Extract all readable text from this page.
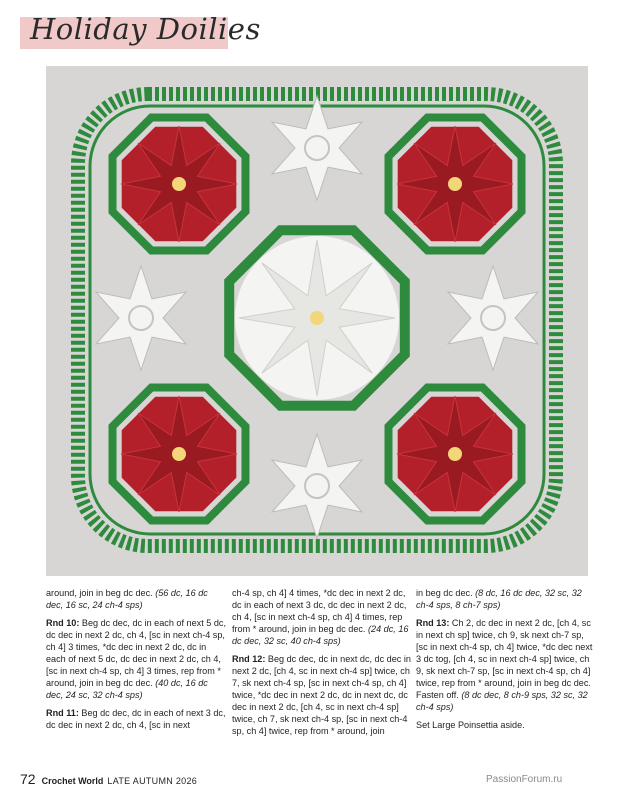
Holiday Doilies

around, join in beg dc dec. (56 dc, 16 dc dec, 16 sc, 24 ch-4 sps)

Rnd 10: Beg dc dec, dc in each of next 5 dc, dc dec in next 2 dc, ch 4, [sc in next ch-4 sp, ch 4] 3 times, *dc dec in next 2 dc, dc in each of next 5 dc, dc dec in next 2 dc, ch 4, [sc in next ch-4 sp, ch 4] 3 times, rep from * around, join in beg dc dec. (40 dc, 16 dc dec, 24 sc, 32 ch-4 sps)

Rnd 11: Beg dc dec, dc in each of next 3 dc, dc dec in next 2 dc, ch 4, [sc in next

ch-4 sp, ch 4] 4 times, *dc dec in next 2 dc, dc in each of next 3 dc, dc dec in next 2 dc, ch 4, [sc in next ch-4 sp, ch 4] 4 times, rep from * around, join in beg dc dec. (24 dc, 16 dc dec, 32 sc, 40 ch-4 sps)

Rnd 12: Beg dc dec, dc in next dc, dc dec in next 2 dc, [ch 4, sc in next ch-4 sp] twice, ch 7, sk next ch-4 sp, [sc in next ch-4 sp, ch 4] twice, *dc dec in next 2 dc, dc in next dc, dc dec in next 2 dc, [ch 4, sc in next ch-4 sp] twice, ch 7, sk next ch-4 sp, [sc in next ch-4 sp, ch 4] twice, rep from * around, join

in beg dc dec. (8 dc, 16 dc dec, 32 sc, 32 ch-4 sps, 8 ch-7 sps)

Rnd 13: Ch 2, dc dec in next 2 dc, [ch 4, sc in next ch sp] twice, ch 9, sk next ch-7 sp, [sc in next ch-4 sp, ch 4] twice, *dc dec next 3 dc tog, [ch 4, sc in next ch-4 sp] twice, ch 9, sk next ch-7 sp, [sc in next ch-4 sp, ch 4] twice, rep from * around, join in beg dc dec. Fasten off. (8 dc dec, 8 ch-9 sps, 32 sc, 32 ch-4 sps)

Set Large Poinsettia aside.

72 Crochet World LATE AUTUMN 2026	PassionForum.ru
